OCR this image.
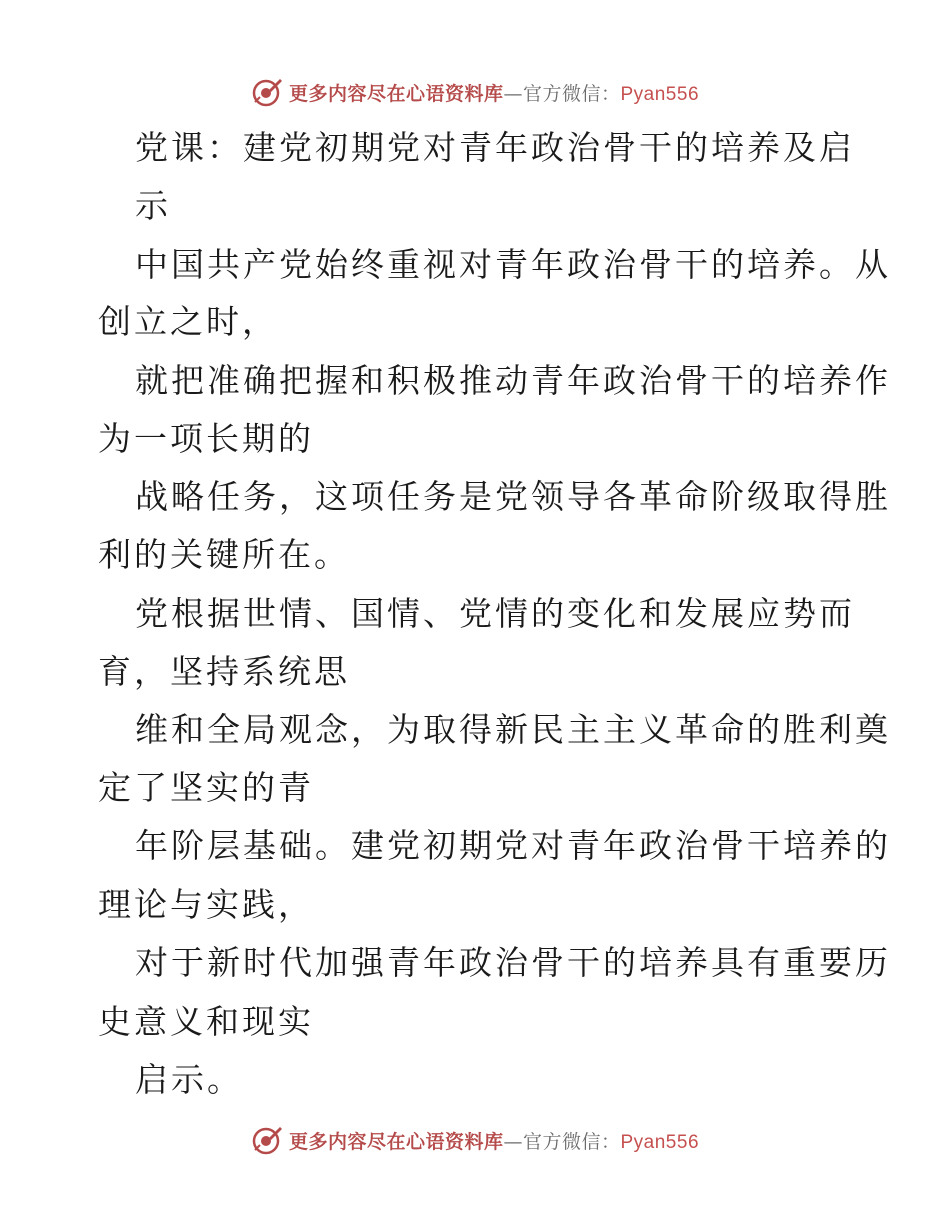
更多内容尽在心语资料库—官方微信：Pyan556
党课：建党初期党对青年政治骨干的培养及启
示
中国共产党始终重视对青年政治骨干的培养。从
创立之时，
就把准确把握和积极推动青年政治骨干的培养作
为一项长期的
战略任务，这项任务是党领导各革命阶级取得胜
利的关键所在。
党根据世情、国情、党情的变化和发展应势而
育，坚持系统思
维和全局观念，为取得新民主主义革命的胜利奠
定了坚实的青
年阶层基础。建党初期党对青年政治骨干培养的
理论与实践，
对于新时代加强青年政治骨干的培养具有重要历
史意义和现实
启示。
更多内容尽在心语资料库—官方微信：Pyan556
